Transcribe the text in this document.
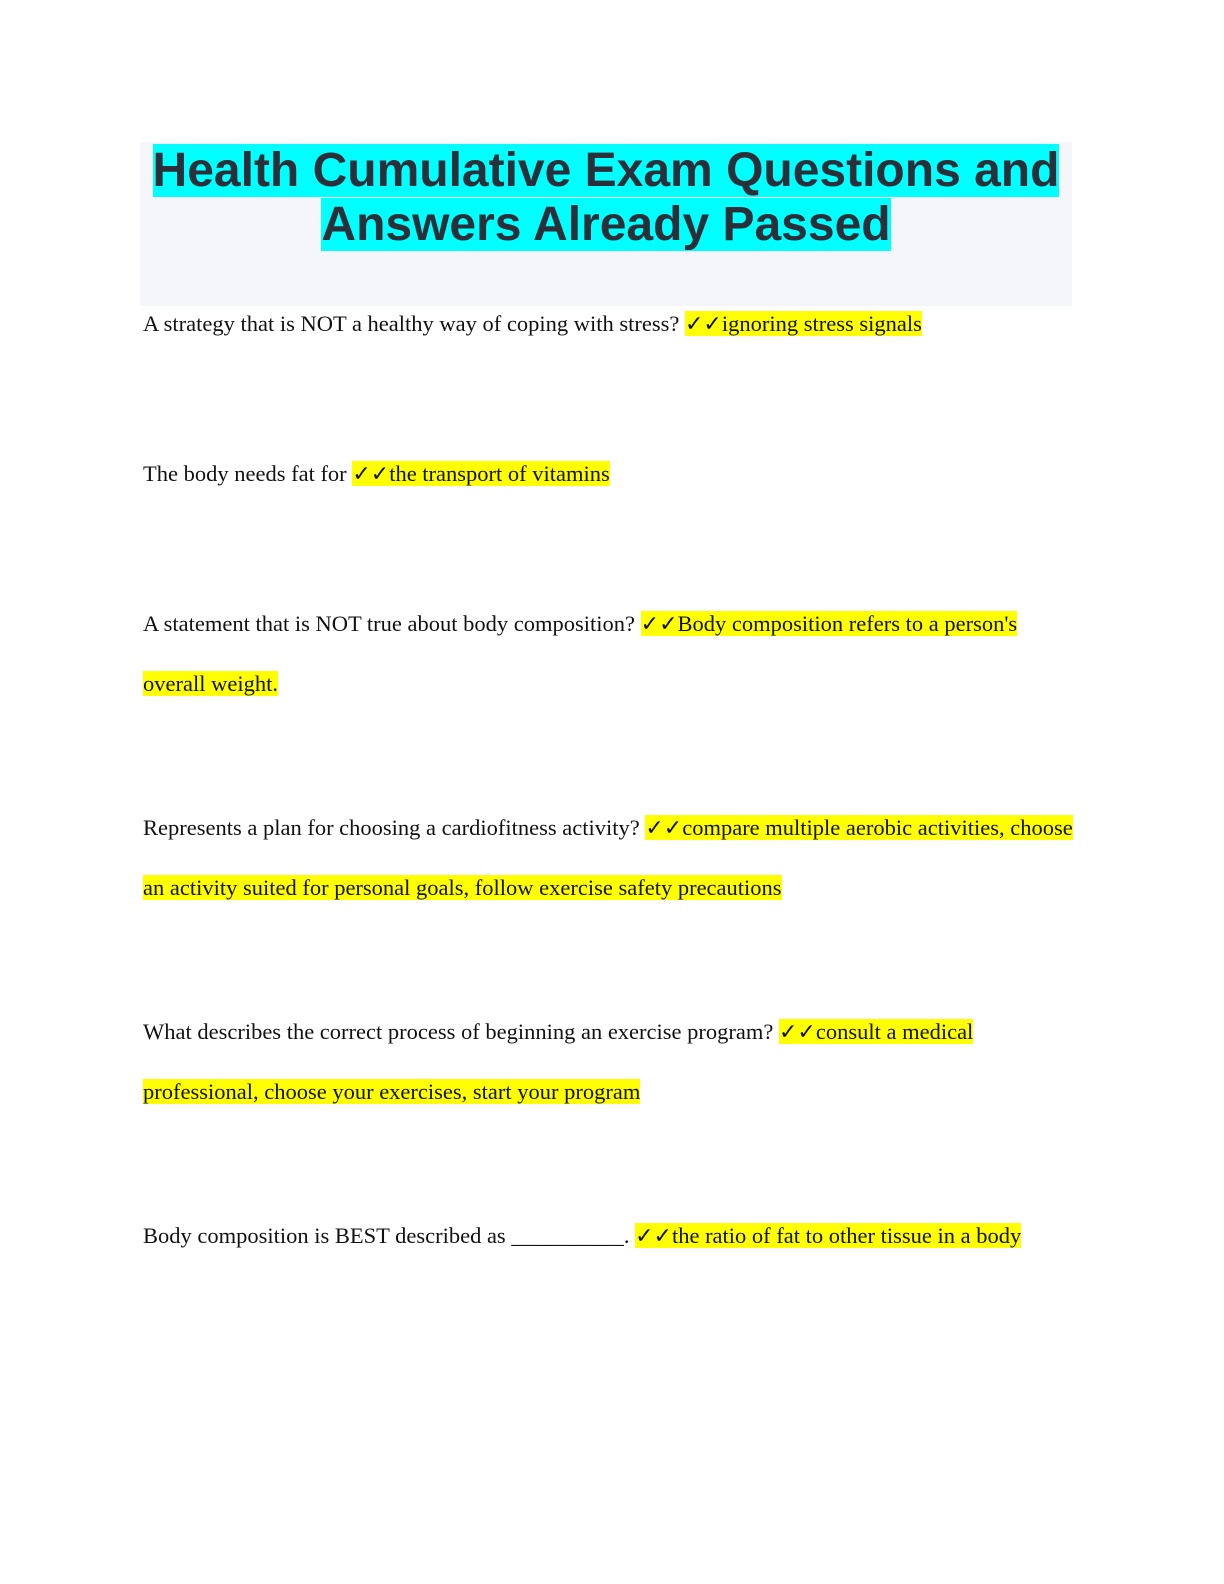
Health Cumulative Exam Questions and Answers Already Passed

A strategy that is NOT a healthy way of coping with stress? ✓✓ignoring stress signals

The body needs fat for ✓✓the transport of vitamins

A statement that is NOT true about body composition? ✓✓Body composition refers to a person's overall weight.

Represents a plan for choosing a cardiofitness activity? ✓✓compare multiple aerobic activities, choose an activity suited for personal goals, follow exercise safety precautions

What describes the correct process of beginning an exercise program? ✓✓consult a medical professional, choose your exercises, start your program

Body composition is BEST described as __________. ✓✓the ratio of fat to other tissue in a body
